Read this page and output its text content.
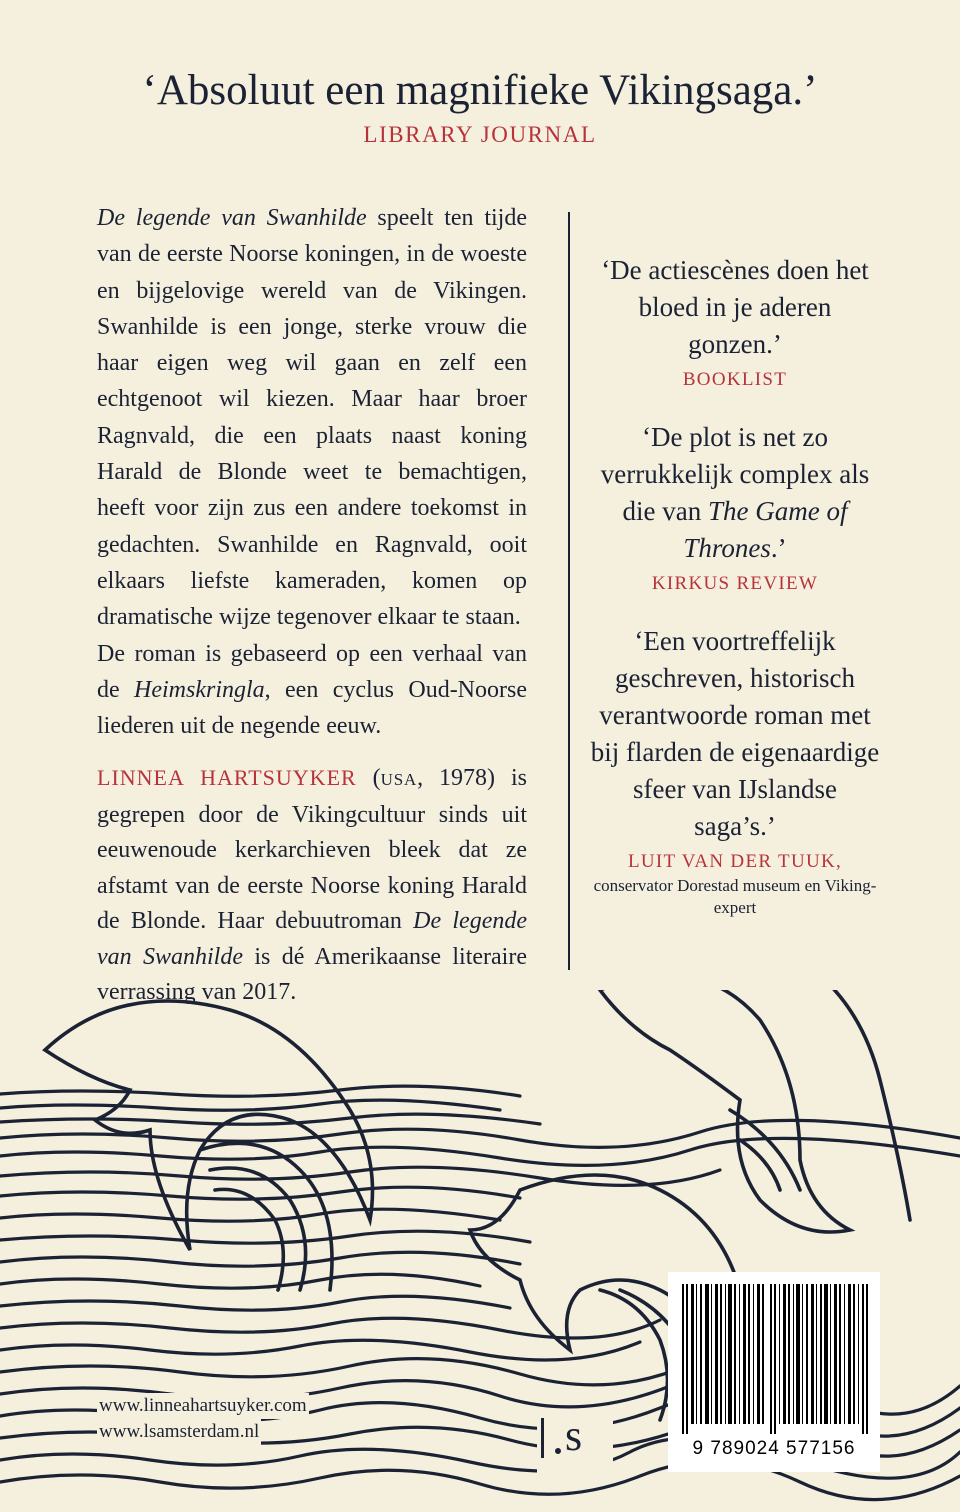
‘Absoluut een magnifieke Vikingsaga.’
LIBRARY JOURNAL

De legende van Swanhilde speelt ten tijde van de eerste Noorse koningen, in de woeste en bijgelovige wereld van de Vikingen. Swanhilde is een jonge, sterke vrouw die haar eigen weg wil gaan en zelf een echtgenoot wil kiezen. Maar haar broer Ragnvald, die een plaats naast koning Harald de Blonde weet te bemachtigen, heeft voor zijn zus een andere toekomst in gedachten. Swanhilde en Ragnvald, ooit elkaars liefste kameraden, komen op dramatische wijze tegenover elkaar te staan.

De roman is gebaseerd op een verhaal van de Heimskringla, een cyclus Oud-Noorse liederen uit de negende eeuw.

LINNEA HARTSUYKER (USA, 1978) is gegrepen door de Vikingcultuur sinds uit eeuwenoude kerkarchieven bleek dat ze afstamt van de eerste Noorse koning Harald de Blonde. Haar debuutroman De legende van Swanhilde is dé Amerikaanse literaire verrassing van 2017.
‘De actiescènes doen het bloed in je aderen gonzen.’
BOOKLIST
‘De plot is net zo verrukkelijk complex als die van The Game of Thrones.’
KIRKUS REVIEW
‘Een voortreffelijk geschreven, historisch verantwoorde roman met bij flarden de eigenaardige sfeer van IJslandse saga’s.’
LUIT VAN DER TUUK,
conservator Dorestad museum en Viking-expert
www.linneahartsuyker.com
www.lsamsterdam.nl	s	9 789024 577156
